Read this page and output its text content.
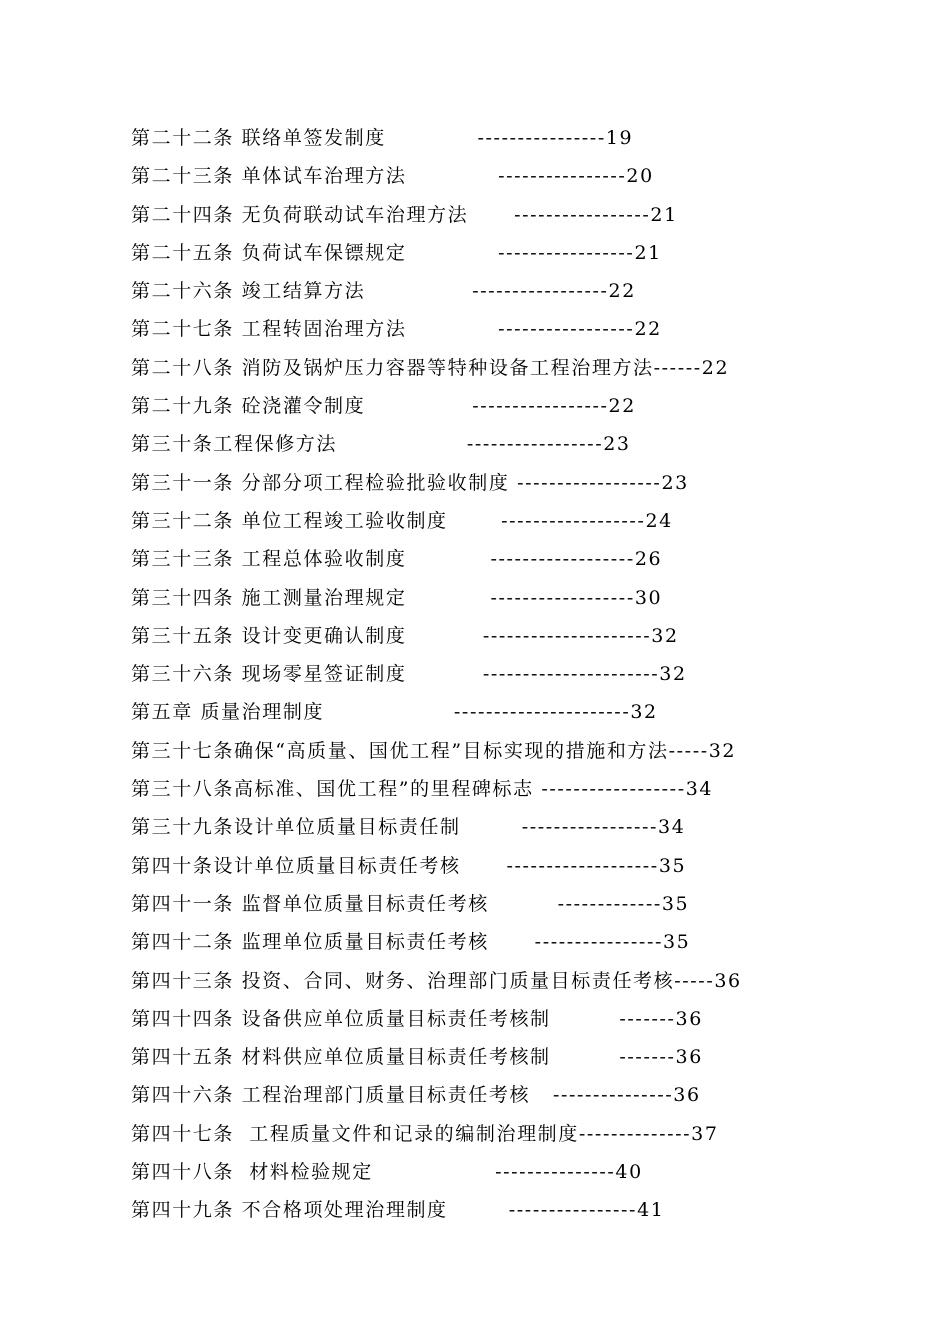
第二十二条 联络单签发制度            ----------------19
第二十三条 单体试车治理方法            ----------------20
第二十四条 无负荷联动试车治理方法      -----------------21
第二十五条 负荷试车保镖规定            -----------------21
第二十六条 竣工结算方法              -----------------22
第二十七条 工程转固治理方法            -----------------22
第二十八条 消防及锅炉压力容器等特种设备工程治理方法------22
第二十九条 砼浇灌令制度              -----------------22
第三十条工程保修方法                 -----------------23
第三十一条 分部分项工程检验批验收制度 ------------------23
第三十二条 单位工程竣工验收制度       ------------------24
第三十三条 工程总体验收制度           ------------------26
第三十四条 施工测量治理规定           ------------------30
第三十五条 设计变更确认制度          ---------------------32
第三十六条 现场零星签证制度          ----------------------32
第五章 质量治理制度                 ----------------------32
第三十七条确保“高质量、国优工程”目标实现的措施和方法-----32
第三十八条高标准、国优工程”的里程碑标志 ------------------34
第三十九条设计单位质量目标责任制        -----------------34
第四十条设计单位质量目标责任考核      -------------------35
第四十一条 监督单位质量目标责任考核         -------------35
第四十二条 监理单位质量目标责任考核      ----------------35
第四十三条 投资、合同、财务、治理部门质量目标责任考核-----36
第四十四条 设备供应单位质量目标责任考核制         -------36
第四十五条 材料供应单位质量目标责任考核制         -------36
第四十六条 工程治理部门质量目标责任考核   ---------------36
第四十七条  工程质量文件和记录的编制治理制度--------------37
第四十八条  材料检验规定                ---------------40
第四十九条 不合格项处理治理制度        ----------------41
